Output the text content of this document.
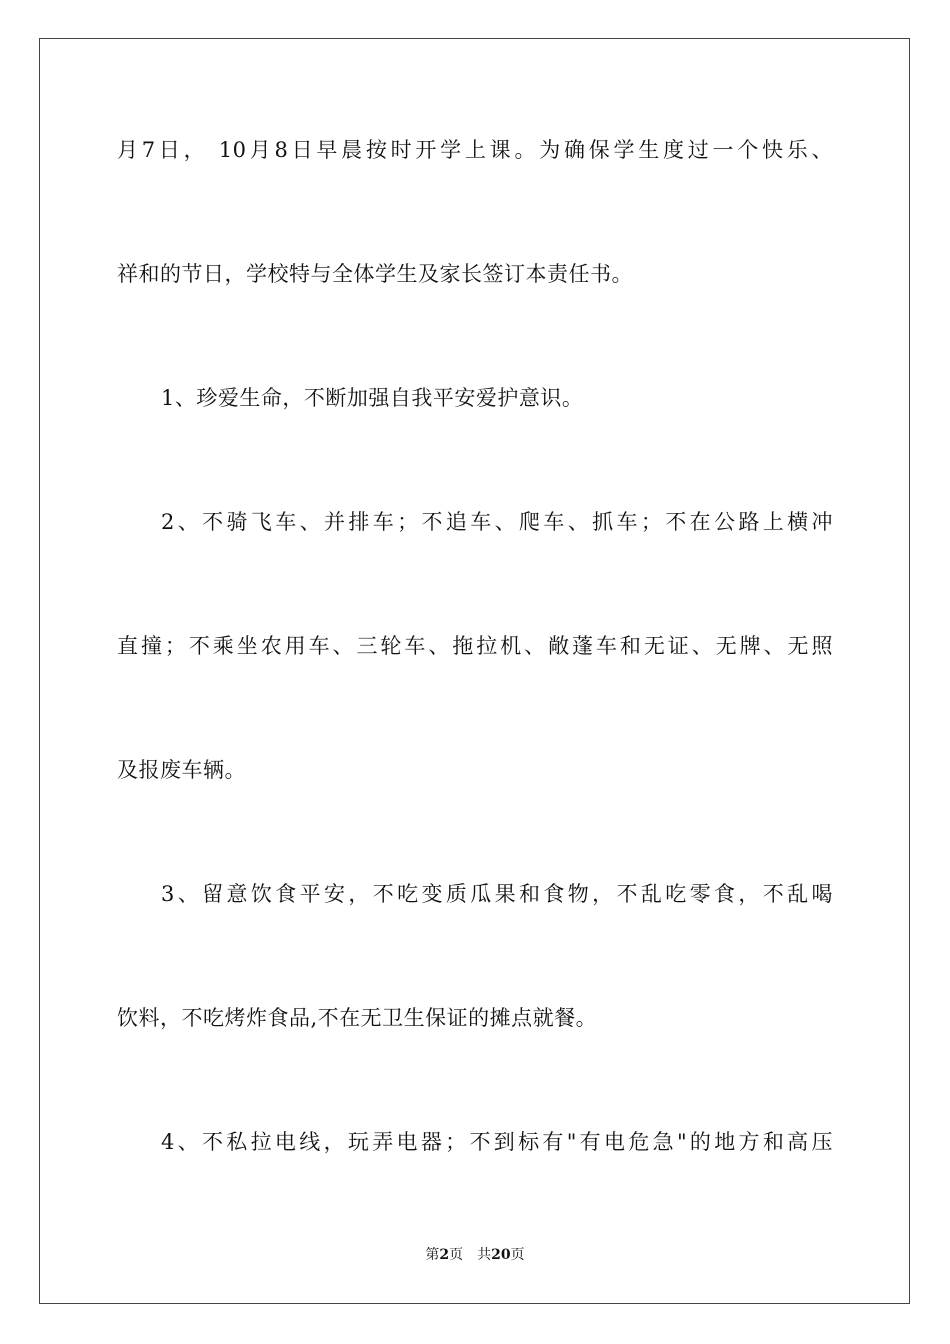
月7日， 10月8日早晨按时开学上课。为确保学生度过一个快乐、
祥和的节日，学校特与全体学生及家长签订本责任书。
1、珍爱生命，不断加强自我平安爱护意识。
2、不骑飞车、并排车；不追车、爬车、抓车；不在公路上横冲
直撞；不乘坐农用车、三轮车、拖拉机、敞蓬车和无证、无牌、无照
及报废车辆。
3、留意饮食平安，不吃变质瓜果和食物，不乱吃零食，不乱喝
饮料，不吃烤炸食品,不在无卫生保证的摊点就餐。
4、不私拉电线，玩弄电器；不到标有"有电危急"的地方和高压
第2页 共20页
